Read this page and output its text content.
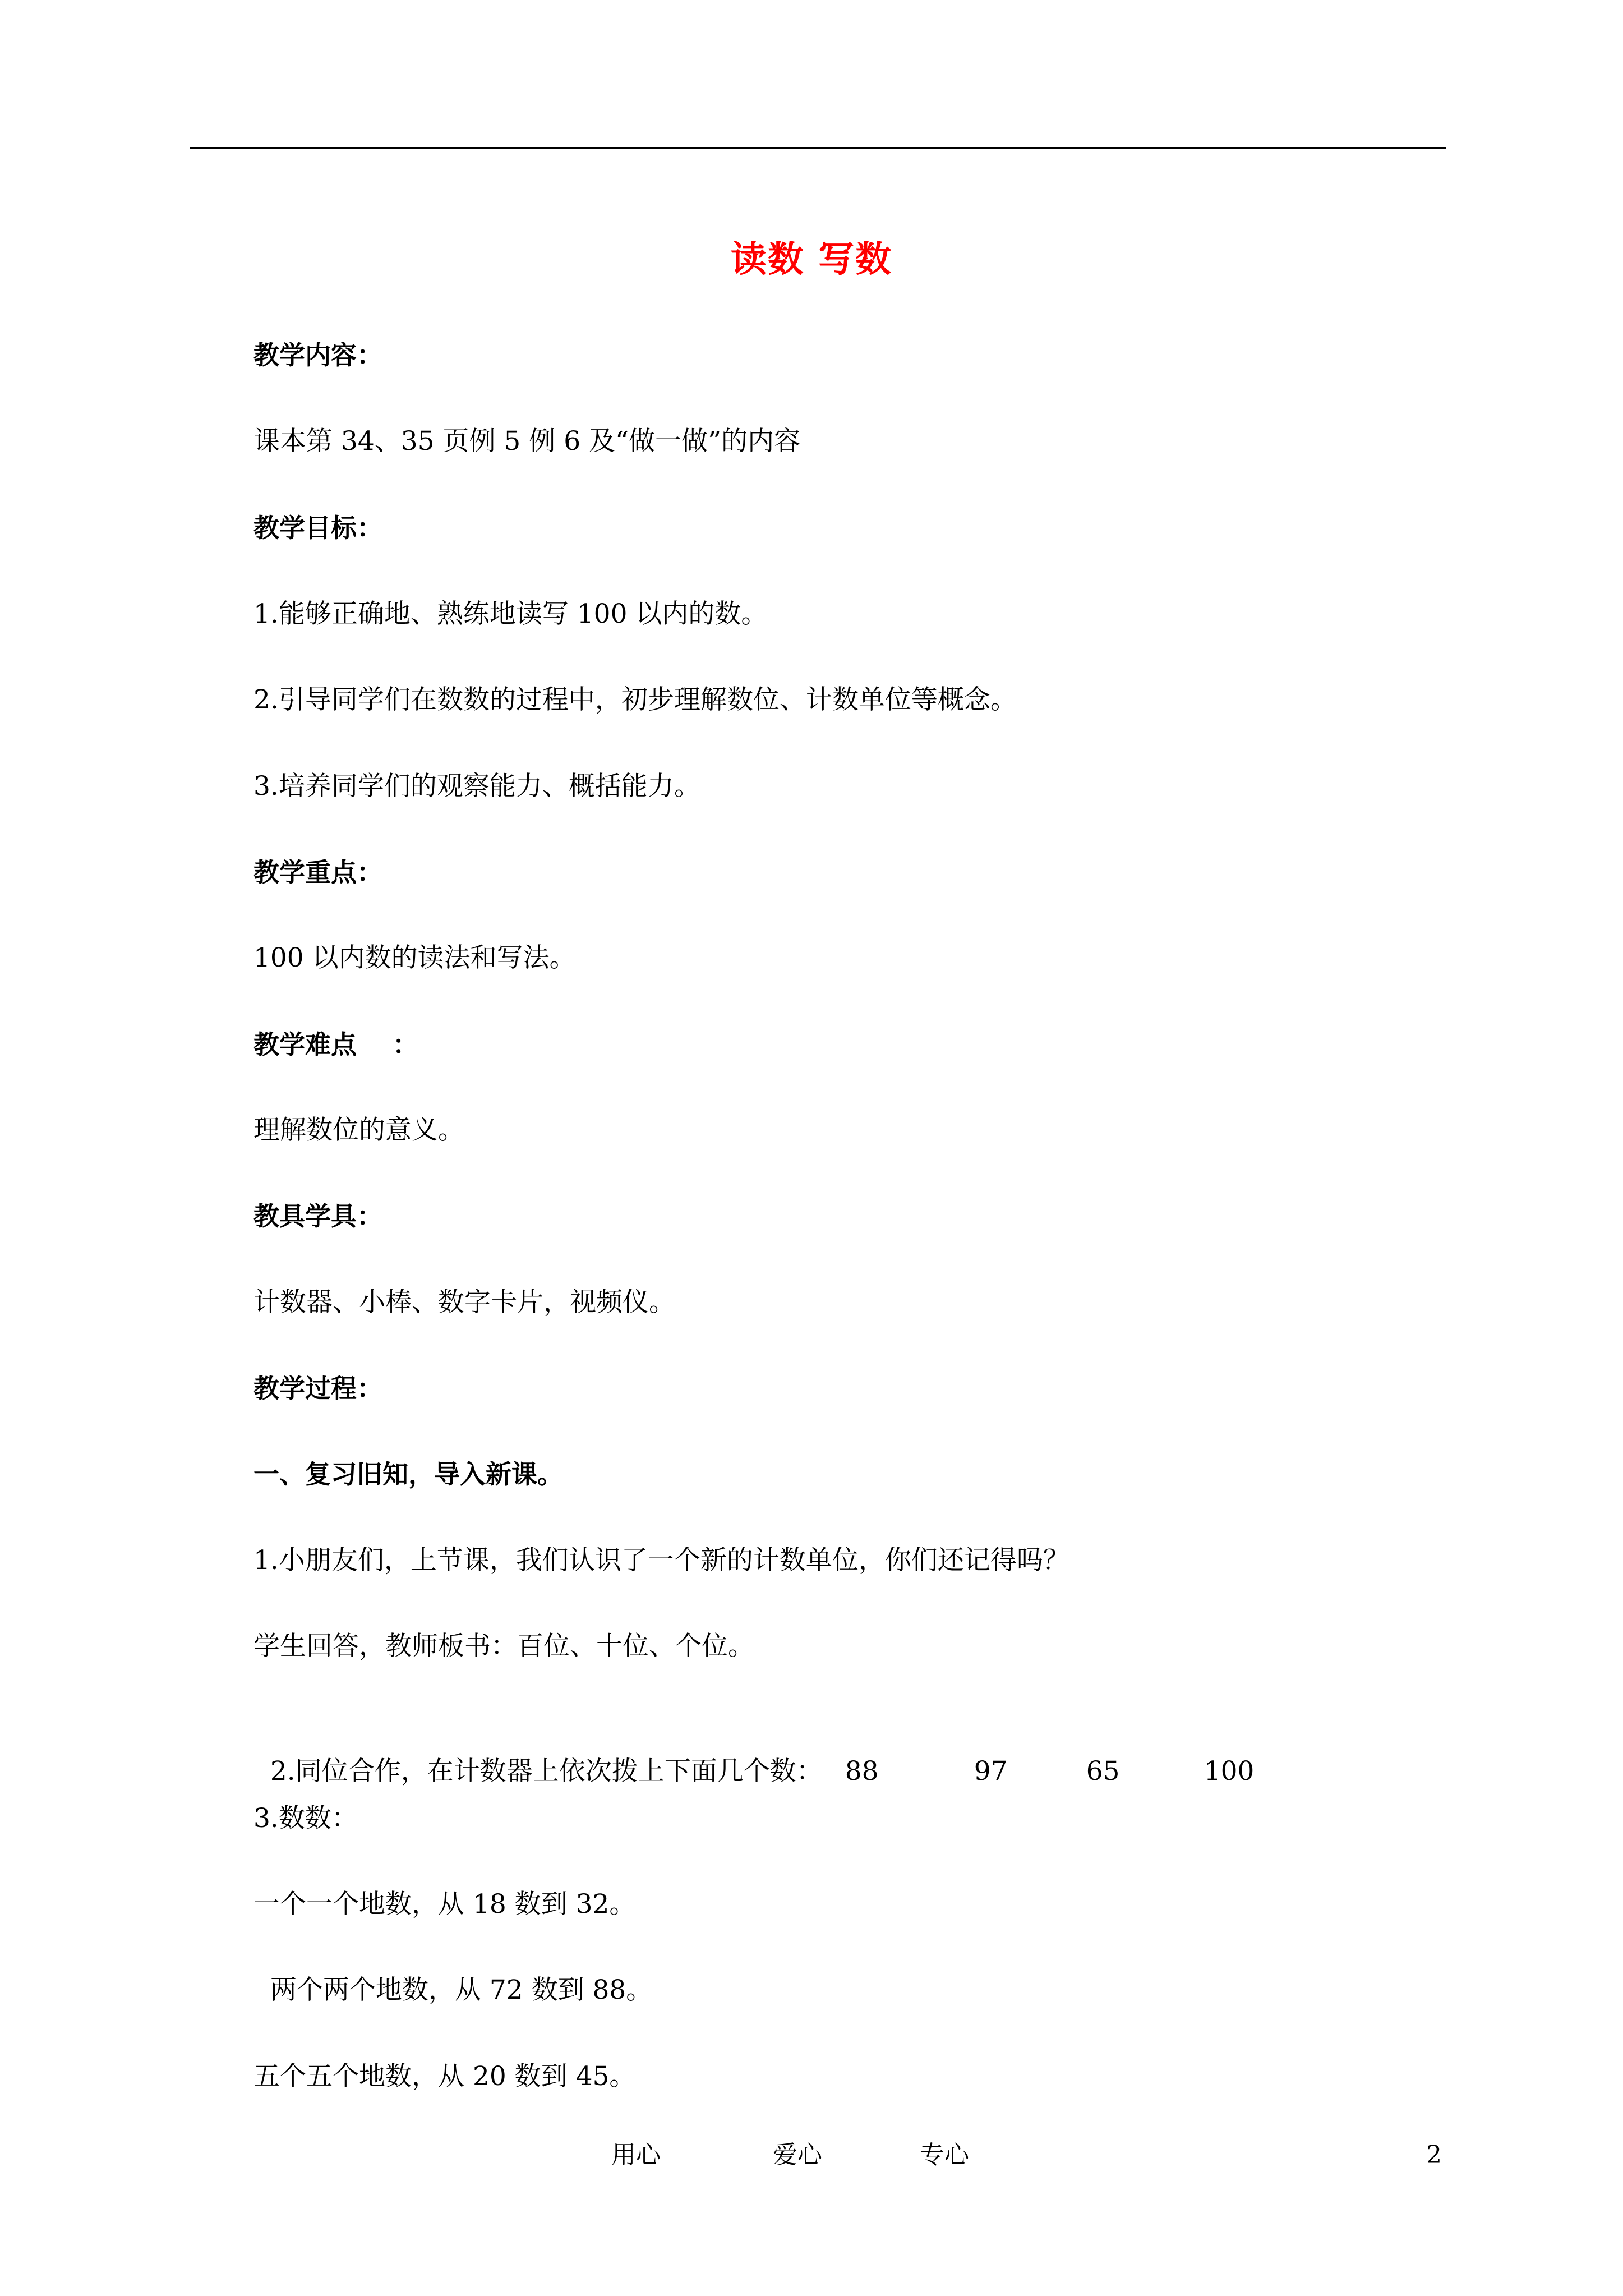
读数 写数
教学内容：
课本第 34、35 页例 5 例 6 及“做一做”的内容
教学目标：
1.能够正确地、熟练地读写 100 以内的数。
2.引导同学们在数数的过程中，初步理解数位、计数单位等概念。
3.培养同学们的观察能力、概括能力。
教学重点：
100 以内数的读法和写法。
教学难点    ：
理解数位的意义。
教具学具：
计数器、小棒、数字卡片，视频仪。
教学过程：
一、复习旧知，导入新课。
1.小朋友们，上节课，我们认识了一个新的计数单位，你们还记得吗？
学生回答，教师板书：百位、十位、个位。

2.同位合作，在计数器上依次拨上下面几个数： 88	97	65	100

3.数数：
一个一个地数，从 18 数到 32。
两个两个地数，从 72 数到 88。
五个五个地数，从 20 数到 45。
用心	爱心	专心	2
